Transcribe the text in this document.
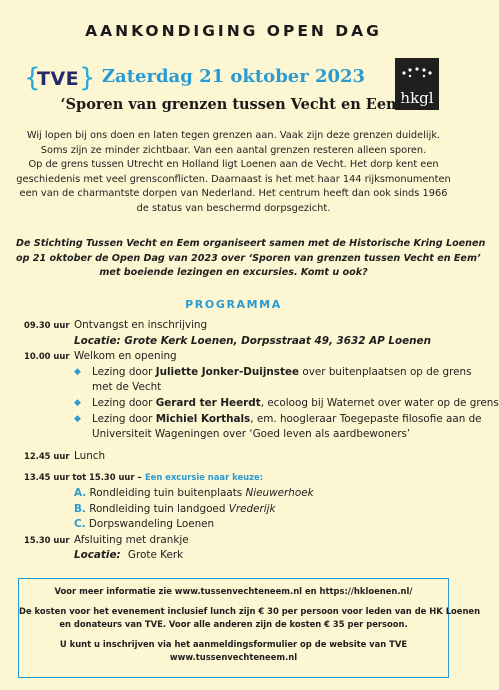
AANKONDIGING OPEN DAG
{
TVE }
hkgl
Zaterdag 21 oktober 2023
‘Sporen van grenzen tussen Vecht en Eem’
Wij lopen bij ons doen en laten tegen grenzen aan. Vaak zijn deze grenzen duidelijk.
Soms zijn ze minder zichtbaar. Van een aantal grenzen resteren alleen sporen.
Op de grens tussen Utrecht en Holland ligt Loenen aan de Vecht. Het dorp kent een
geschiedenis met veel grensconflicten. Daarnaast is het met haar 144 rijksmonumenten
een van de charmantste dorpen van Nederland. Het centrum heeft dan ook sinds 1966
de status van beschermd dorpsgezicht.
De Stichting Tussen Vecht en Eem organiseert samen met de Historische Kring Loenen
op 21 oktober de Open Dag van 2023 over ‘Sporen van grenzen tussen Vecht en Eem’
met boeiende lezingen en excursies. Komt u ook?
PROGRAMMA
09.30 uur Ontvangst en inschrijving
Locatie: Grote Kerk Loenen, Dorpsstraat 49, 3632 AP Loenen
10.00 uur Welkom en opening
◆ Lezing door Juliette Jonker-Duijnstee over buitenplaatsen op de grens
met de Vecht
◆ Lezing door Gerard ter Heerdt, ecoloog bij Waternet over water op de grens
◆ Lezing door Michiel Korthals, em. hoogleraar Toegepaste filosofie aan de
Universiteit Wageningen over ‘Goed leven als aardbewoners’
12.45 uur Lunch
13.45 uur tot 15.30 uur – Een excursie naar keuze:
A. Rondleiding tuin buitenplaats Nieuwerhoek
B. Rondleiding tuin landgoed Vrederijk
C. Dorpswandeling Loenen
15.30 uur Afsluiting met drankje
Locatie: Grote Kerk
Voor meer informatie zie www.tussenvechteneem.nl en https://hkloenen.nl/
De kosten voor het evenement inclusief lunch zijn € 30 per persoon voor leden van de HK Loenen
en donateurs van TVE. Voor alle anderen zijn de kosten € 35 per persoon.
U kunt u inschrijven via het aanmeldingsformulier op de website van TVE
www.tussenvechteneem.nl
